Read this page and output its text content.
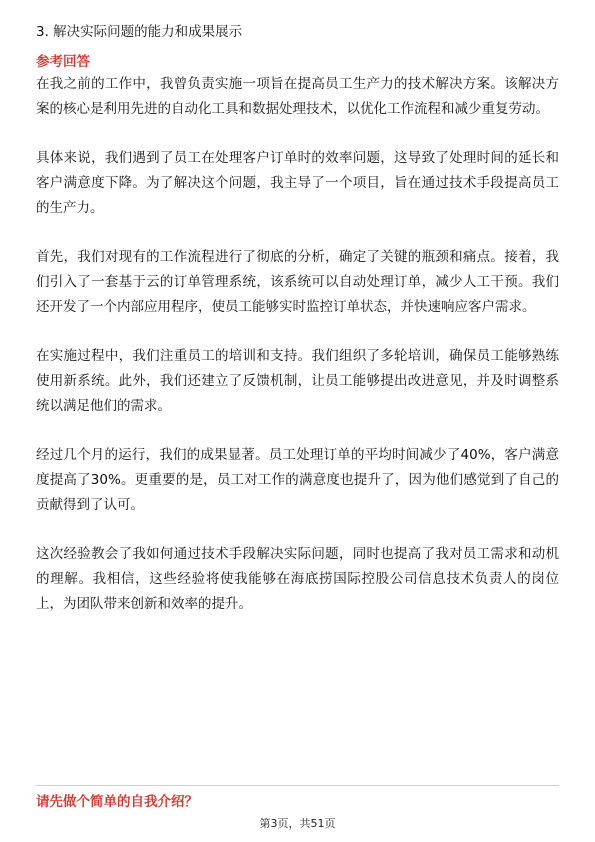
3. 解决实际问题的能力和成果展示

参考回答

在我之前的工作中，我曾负责实施一项旨在提高员工生产力的技术解决方案。该解决方案的核心是利用先进的自动化工具和数据处理技术，以优化工作流程和减少重复劳动。

具体来说，我们遇到了员工在处理客户订单时的效率问题，这导致了处理时间的延长和客户满意度下降。为了解决这个问题，我主导了一个项目，旨在通过技术手段提高员工的生产力。

首先，我们对现有的工作流程进行了彻底的分析，确定了关键的瓶颈和痛点。接着，我们引入了一套基于云的订单管理系统，该系统可以自动处理订单，减少人工干预。我们还开发了一个内部应用程序，使员工能够实时监控订单状态，并快速响应客户需求。

在实施过程中，我们注重员工的培训和支持。我们组织了多轮培训，确保员工能够熟练使用新系统。此外，我们还建立了反馈机制，让员工能够提出改进意见，并及时调整系统以满足他们的需求。

经过几个月的运行，我们的成果显著。员工处理订单的平均时间减少了40%，客户满意度提高了30%。更重要的是，员工对工作的满意度也提升了，因为他们感觉到了自己的贡献得到了认可。

这次经验教会了我如何通过技术手段解决实际问题，同时也提高了我对员工需求和动机的理解。我相信，这些经验将使我能够在海底捞国际控股公司信息技术负责人的岗位上，为团队带来创新和效率的提升。

请先做个简单的自我介绍？

第3页，共51页
